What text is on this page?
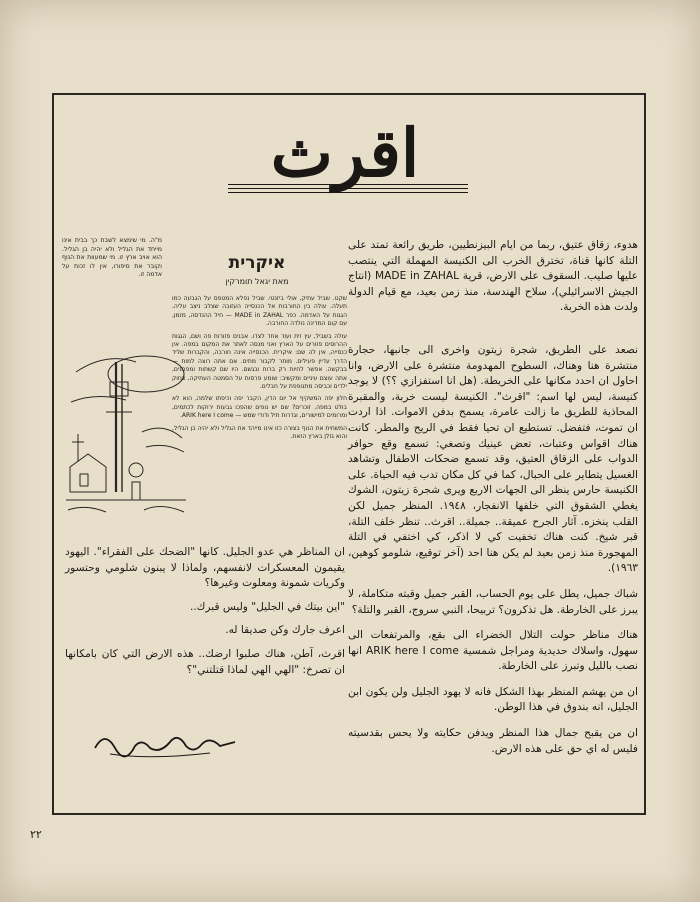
اقرث

هدوء، زقاق عتيق، ربما من ايام البيزنطيين، طريق رائعة تمتد على التلة كانها قناة، تخترق الخرب الى الكنيسة المهملة التي ينتصب عليها صليب. السقوف على الارض، قرية MADE in ZAHAL (انتاج الجيش الاسرائيلي)، سلاح الهندسة، منذ زمن بعيد، مع قيام الدولة ولدت هذه الخربة.

نصعد على الطريق، شجرة زيتون واخرى الى جانبها، حجارة منتشرة هنا وهناك، السطوح المهدومة منتشرة على الارض، وانا احاول ان احدد مكانها على الخريطة. (هل انا استفزازي ؟؟) لا يوجد كنيسة، ليس لها اسم: "اقرث". الكنيسة ليست خربة، والمقبرة المحاذية للطريق ما زالت عامرة، يسمح بدفن الاموات. اذا اردت ان تموت، فتفضل. تستطيع ان تحيا فقط في الريح والمطر. كانت هناك اقواس وعتبات، تعض عينيك وتصغي: تسمع وقع حوافر الدواب على الزقاق العتيق، وقد تسمع ضحكات الاطفال وتشاهد الغسيل يتطاير على الحبال، كما في كل مكان تدب فيه الحياة. على الكنيسة حارس ينظر الى الجهات الاربع ويرى شجرة زيتون، الشوك يغطي الشقوق التي خلفها الانفجار، ١٩٤٨. المنظر جميل لكن القلب ينخزه. آثار الجرح عميقة.. جميلة.. اقرث.. تنظر خلف التلة، قبر شيخ. كنت هناك تخفيت كي لا اذكر، كي اختفي في التلة المهجورة منذ زمن بعيد لم يكن هنا احد (آخر توقيع، شلومو كوهين، ١٩٦٣).

شباك جميل، يطل على يوم الحساب، القبر جميل وقبته متكاملة، لا يبرز على الخارطة. هل تذكرون؟ تربيحا، النبي سروج، القبر والتلة؟

هناك مناظر حولت التلال الخضراء الى بقع، والمرتفعات الى سهول، واسلاك حديدية ومراجل شمسية ARIK here I come انها نصب بالليل وتبرز على الخارطة.

ان من يهشم المنظر بهذا الشكل فانه لا يهود الجليل ولن يكون ابن الجليل، انه بندوق في هذا الوطن.

ان من يقبح جمال هذا المنظر ويدفن حكايته ولا يحس بقدسيته فليس له اي حق على هذه الارض.

מ"ה. מי שימצא לשבת כך בבית אינו מייחד את הגליל ולא יהיה בן הגליל. הוא אויב ארץ זו. מי שמעוות את הנוף וקובר את סיפורו, אין לו זכות על אדמה זו.
איקרית
מאת יגאל תומרקין

שקט. שביל עתיק, אולי ביזנטי. שביל נפלא המטפס על הגבעה כמו תעלה. עולה בין החורבות אל הכנסייה העזובה שצלב ניצב עליה. הגגות על האדמה. כפר MADE in ZAHAL — חיל ההנדסה, מזמן, עם קום המדינה נולדה החורבה.

עולה בשביל, עץ זית ועוד אחד לצדו. אבנים פזורות פה ושם, הגגות ההרוסים פזורים על הארץ ואני מנסה לאתר את המקום במפה. אין כנסייה, אין לה שם: איקרית. הכנסייה אינה חורבה, והקברות שליד הדרך עדיין פעילים. מותר לקבור מתים. אם אתה רוצה למות — בבקשה. אפשר לחיות רק ברוח ובגשם. היו שם קשתות ומפתנים, אתה עוצם עיניים ומקשיב: שומע פרסות על הסמטה העתיקה, צחוק ילדים וכביסה מתנופפת על חבלים.

חלון יפה המשקיף אל יום הדין, הקבר יפה וכיפתו שלמה, הוא לא בולט במפה. זוכרים? שם יש נופים שהפכו גבעות ירוקות לכתמים, ומרומים למישורים, וגדרות תיל ודודי שמש — ARIK here I come.

המשחית את הנוף בצורה כזו אינו מייהד את הגליל ולא יהיה בן הגליל, והוא גזלן בארץ הזאת.

ان المناظر هي عدو الجليل. كانها "الضحك على الفقراء". اليهود يقيمون المعسكرات لانفسهم، ولماذا لا يبنون شلومي وحتسور وكريات شمونة ومعلوت وغيرها؟

"اين بيتك في الجليل" وليس قبرك..

اعرف جارك وكن صديقا له.

اقرث، آطن، هناك صلبوا ارضك.. هذه الارض التي كان بامكانها ان تصرخ: "الهي الهي لماذا قتلتني"؟

٢٢
